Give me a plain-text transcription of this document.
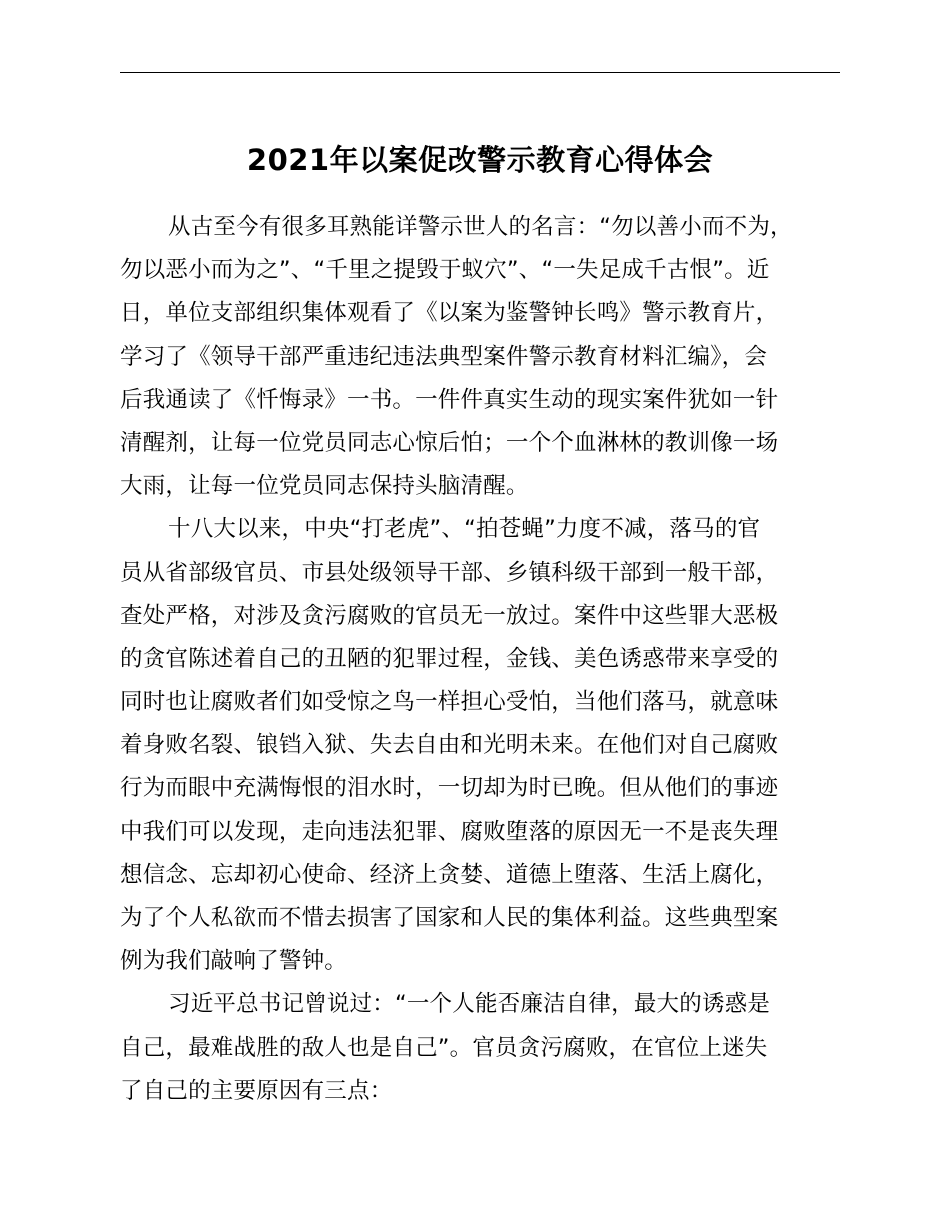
2021年以案促改警示教育心得体会

从古至今有很多耳熟能详警示世人的名言：“勿以善小而不为，
勿以恶小而为之”、“千里之提毁于蚁穴”、“一失足成千古恨”。近
日，单位支部组织集体观看了《以案为鉴警钟长鸣》警示教育片，
学习了《领导干部严重违纪违法典型案件警示教育材料汇编》，会
后我通读了《忏悔录》一书。一件件真实生动的现实案件犹如一针
清醒剂，让每一位党员同志心惊后怕；一个个血淋林的教训像一场
大雨，让每一位党员同志保持头脑清醒。

十八大以来，中央“打老虎”、“拍苍蝇”力度不减，落马的官
员从省部级官员、市县处级领导干部、乡镇科级干部到一般干部，
查处严格，对涉及贪污腐败的官员无一放过。案件中这些罪大恶极
的贪官陈述着自己的丑陋的犯罪过程，金钱、美色诱惑带来享受的
同时也让腐败者们如受惊之鸟一样担心受怕，当他们落马，就意味
着身败名裂、锒铛入狱、失去自由和光明未来。在他们对自己腐败
行为而眼中充满悔恨的泪水时，一切却为时已晚。但从他们的事迹
中我们可以发现，走向违法犯罪、腐败堕落的原因无一不是丧失理
想信念、忘却初心使命、经济上贪婪、道德上堕落、生活上腐化，
为了个人私欲而不惜去损害了国家和人民的集体利益。这些典型案
例为我们敲响了警钟。

习近平总书记曾说过：“一个人能否廉洁自律，最大的诱惑是
自己，最难战胜的敌人也是自己”。官员贪污腐败，在官位上迷失
了自己的主要原因有三点：
